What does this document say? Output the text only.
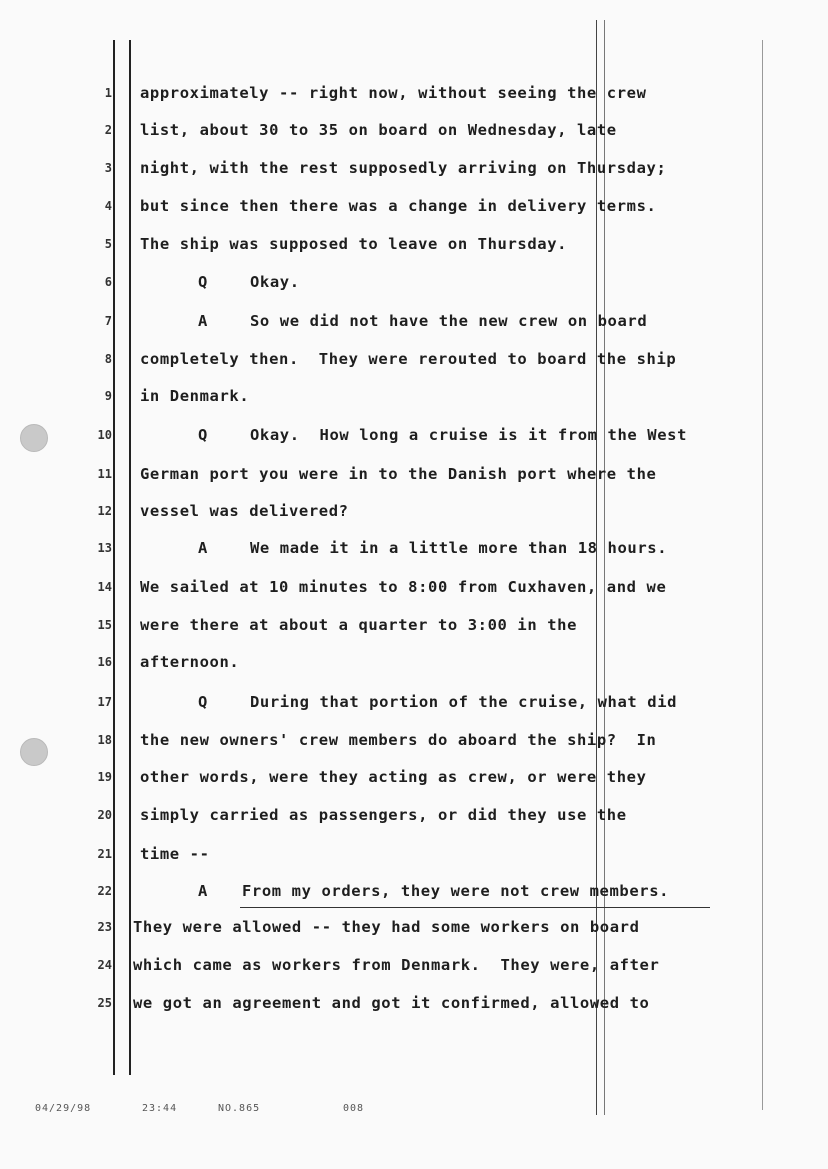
1
2
3
4
5
6
7
8
9
10
11
12
13
14
15
16
17
18
19
20
21
22
23
24
25
approximately -- right now, without seeing the crew
list, about 30 to 35 on board on Wednesday, late
night, with the rest supposedly arriving on Thursday;
but since then there was a change in delivery terms.
The ship was supposed to leave on Thursday.
Q	Okay.
A	So we did not have the new crew on board
completely then.  They were rerouted to board the ship
in Denmark.
Q	Okay.  How long a cruise is it from the West
German port you were in to the Danish port where the
vessel was delivered?
A	We made it in a little more than 18 hours.
We sailed at 10 minutes to 8:00 from Cuxhaven, and we
were there at about a quarter to 3:00 in the
afternoon.
Q	During that portion of the cruise, what did
the new owners' crew members do aboard the ship?  In
other words, were they acting as crew, or were they
simply carried as passengers, or did they use the
time --
A From my orders, they were not crew members.
They were allowed -- they had some workers on board
which came as workers from Denmark.  They were, after
we got an agreement and got it confirmed, allowed to
04/29/98	23:44	NO.865	008
